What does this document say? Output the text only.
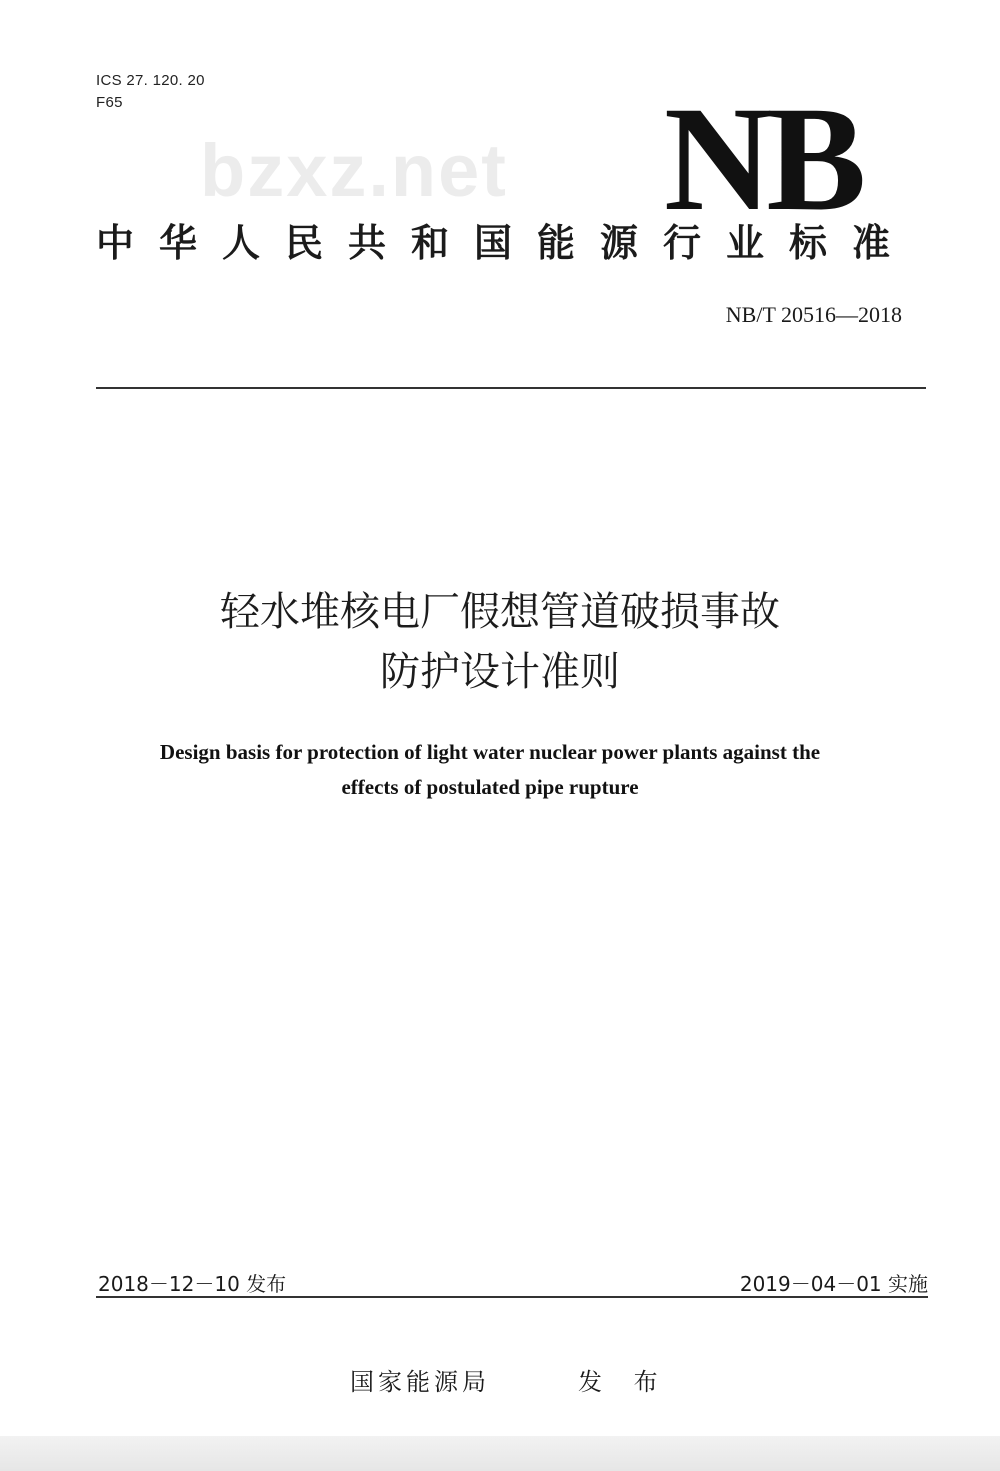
ICS 27. 120. 20
F65
bzxz.net NB
中华人民共和国能源行业标准
NB/T 20516—2018
轻水堆核电厂假想管道破损事故
防护设计准则
Design basis for protection of light water nuclear power plants against the
effects of postulated pipe rupture
2018－12－10 发布	2019－04－01 实施
国家能源局	发 布
